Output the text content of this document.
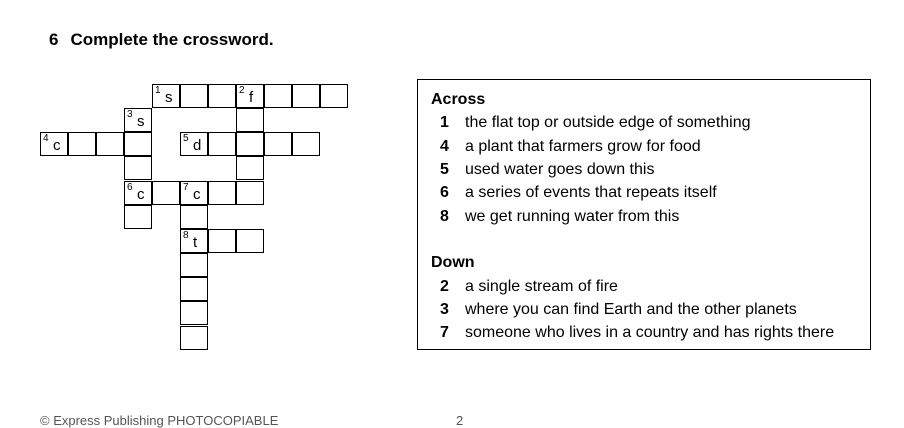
6 Complete the crossword.
1 s	2 f
3 s
4 c	5 d
6 c	7 c
8 t
Across
1 the flat top or outside edge of something
4 a plant that farmers grow for food
5 used water goes down this
6 a series of events that repeats itself
8 we get running water from this
Down
2 a single stream of fire
3 where you can find Earth and the other planets
7 someone who lives in a country and has rights there
© Express Publishing PHOTOCOPIABLE	2
